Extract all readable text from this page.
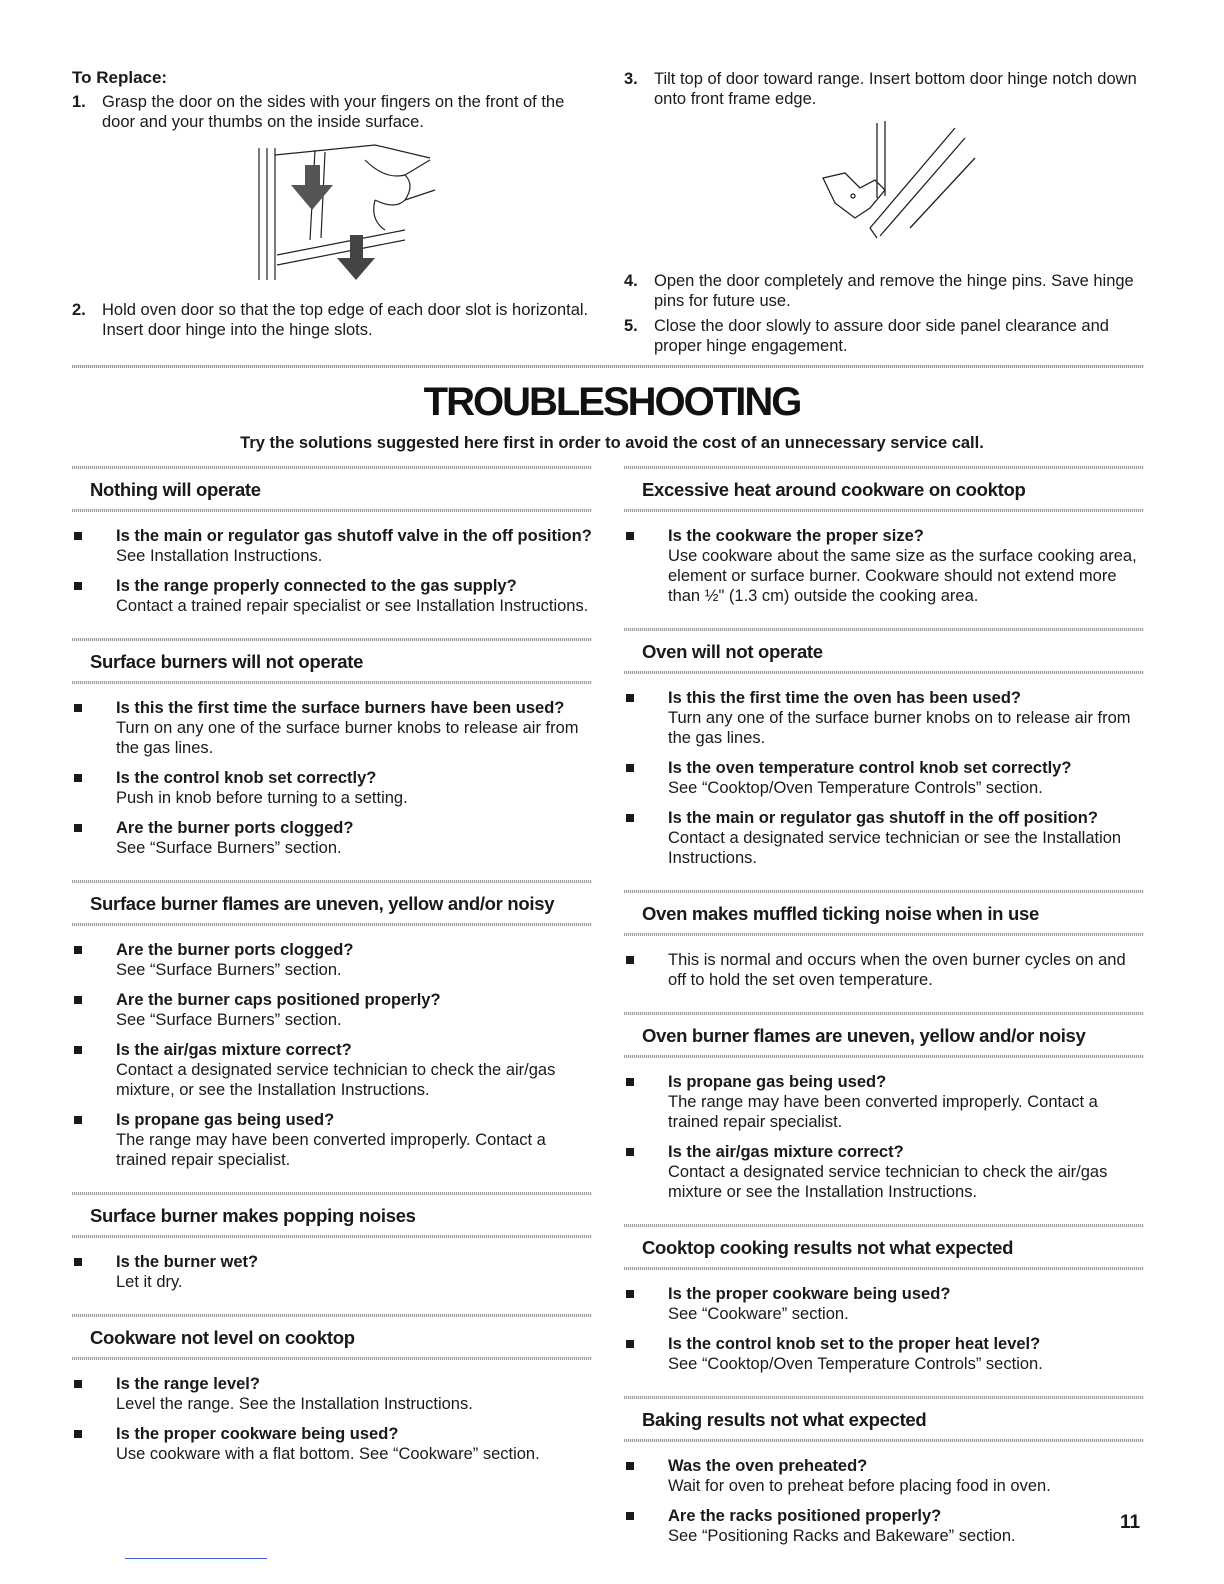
To Replace:
1. Grasp the door on the sides with your fingers on the front of the door and your thumbs on the inside surface.
2. Hold oven door so that the top edge of each door slot is horizontal. Insert door hinge into the hinge slots.
3. Tilt top of door toward range. Insert bottom door hinge notch down onto front frame edge.
4. Open the door completely and remove the hinge pins. Save hinge pins for future use.
5. Close the door slowly to assure door side panel clearance and proper hinge engagement.
TROUBLESHOOTING
Try the solutions suggested here first in order to avoid the cost of an unnecessary service call.
Nothing will operate
Is the main or regulator gas shutoff valve in the off position?
See Installation Instructions.
Is the range properly connected to the gas supply?
Contact a trained repair specialist or see Installation Instructions.
Surface burners will not operate
Is this the first time the surface burners have been used?
Turn on any one of the surface burner knobs to release air from the gas lines.
Is the control knob set correctly?
Push in knob before turning to a setting.
Are the burner ports clogged?
See “Surface Burners” section.
Surface burner flames are uneven, yellow and/or noisy
Are the burner ports clogged?
See “Surface Burners” section.
Are the burner caps positioned properly?
See “Surface Burners” section.
Is the air/gas mixture correct?
Contact a designated service technician to check the air/gas mixture, or see the Installation Instructions.
Is propane gas being used?
The range may have been converted improperly. Contact a trained repair specialist.
Surface burner makes popping noises
Is the burner wet?
Let it dry.
Cookware not level on cooktop
Is the range level?
Level the range. See the Installation Instructions.
Is the proper cookware being used?
Use cookware with a flat bottom. See “Cookware” section.
Excessive heat around cookware on cooktop
Is the cookware the proper size?
Use cookware about the same size as the surface cooking area, element or surface burner. Cookware should not extend more than ½" (1.3 cm) outside the cooking area.
Oven will not operate
Is this the first time the oven has been used?
Turn any one of the surface burner knobs on to release air from the gas lines.
Is the oven temperature control knob set correctly?
See “Cooktop/Oven Temperature Controls” section.
Is the main or regulator gas shutoff in the off position?
Contact a designated service technician or see the Installation Instructions.
Oven makes muffled ticking noise when in use
This is normal and occurs when the oven burner cycles on and off to hold the set oven temperature.
Oven burner flames are uneven, yellow and/or noisy
Is propane gas being used?
The range may have been converted improperly. Contact a trained repair specialist.
Is the air/gas mixture correct?
Contact a designated service technician to check the air/gas mixture or see the Installation Instructions.
Cooktop cooking results not what expected
Is the proper cookware being used?
See “Cookware” section.
Is the control knob set to the proper heat level?
See “Cooktop/Oven Temperature Controls” section.
Baking results not what expected
Was the oven preheated?
Wait for oven to preheat before placing food in oven.
Are the racks positioned properly?
See “Positioning Racks and Bakeware” section.
11
